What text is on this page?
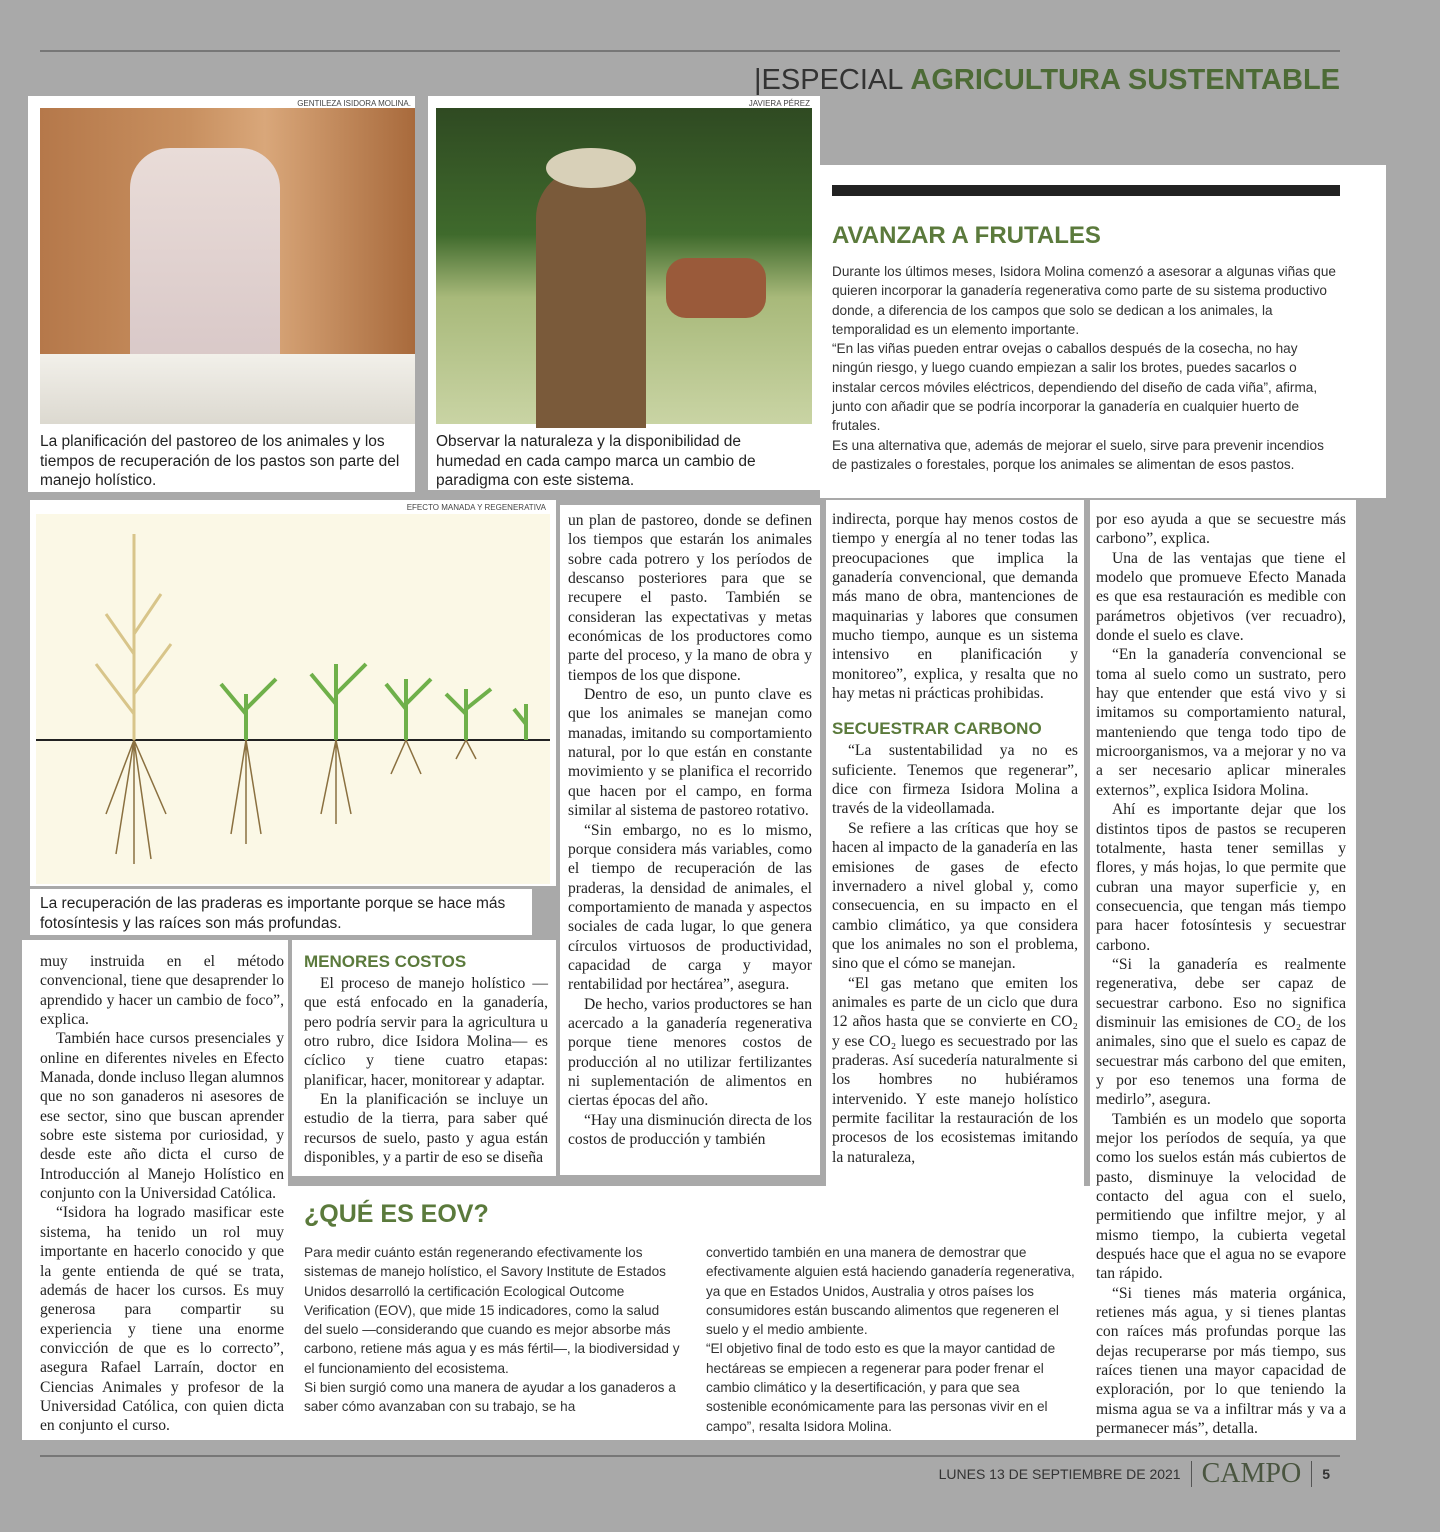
|ESPECIAL AGRICULTURA SUSTENTABLE
GENTILEZA ISIDORA MOLINA.
La planificación del pastoreo de los animales y los tiempos de recuperación de los pastos son parte del manejo holístico.
JAVIERA PÉREZ
Observar la naturaleza y la disponibilidad de humedad en cada campo marca un cambio de paradigma con este sistema.
AVANZAR A FRUTALES

Durante los últimos meses, Isidora Molina comenzó a asesorar a algunas viñas que quieren incorporar la ganadería regenerativa como parte de su sistema productivo donde, a diferencia de los campos que solo se dedican a los animales, la temporalidad es un elemento importante.

“En las viñas pueden entrar ovejas o caballos después de la cosecha, no hay ningún riesgo, y luego cuando empiezan a salir los brotes, puedes sacarlos o instalar cercos móviles eléctricos, dependiendo del diseño de cada viña”, afirma, junto con añadir que se podría incorporar la ganadería en cualquier huerto de frutales.

Es una alternativa que, además de mejorar el suelo, sirve para prevenir incendios de pastizales o forestales, porque los animales se alimentan de esos pastos.

EFECTO MANADA Y REGENERATIVA
La recuperación de las praderas es importante porque se hace más fotosíntesis y las raíces son más profundas.

muy instruida en el método convencional, tiene que desaprender lo aprendido y hacer un cambio de foco”, explica.

También hace cursos presenciales y online en diferentes niveles en Efecto Manada, donde incluso llegan alumnos que no son ganaderos ni asesores de ese sector, sino que buscan aprender sobre este sistema por curiosidad, y desde este año dicta el curso de Introducción al Manejo Holístico en conjunto con la Universidad Católica.

“Isidora ha logrado masificar este sistema, ha tenido un rol muy importante en hacerlo conocido y que la gente entienda de qué se trata, además de hacer los cursos. Es muy generosa para compartir su experiencia y tiene una enorme convicción de que es lo correcto”, asegura Rafael Larraín, doctor en Ciencias Animales y profesor de la Universidad Católica, con quien dicta en conjunto el curso.

MENORES COSTOS

El proceso de manejo holístico —que está enfocado en la ganadería, pero podría servir para la agricultura u otro rubro, dice Isidora Molina— es cíclico y tiene cuatro etapas: planificar, hacer, monitorear y adaptar.

En la planificación se incluye un estudio de la tierra, para saber qué recursos de suelo, pasto y agua están disponibles, y a partir de eso se diseña

un plan de pastoreo, donde se definen los tiempos que estarán los animales sobre cada potrero y los períodos de descanso posteriores para que se recupere el pasto. También se consideran las expectativas y metas económicas de los productores como parte del proceso, y la mano de obra y tiempos de los que dispone.

Dentro de eso, un punto clave es que los animales se manejan como manadas, imitando su comportamiento natural, por lo que están en constante movimiento y se planifica el recorrido que hacen por el campo, en forma similar al sistema de pastoreo rotativo.

“Sin embargo, no es lo mismo, porque considera más variables, como el tiempo de recuperación de las praderas, la densidad de animales, el comportamiento de manada y aspectos sociales de cada lugar, lo que genera círculos virtuosos de productividad, capacidad de carga y mayor rentabilidad por hectárea”, asegura.

De hecho, varios productores se han acercado a la ganadería regenerativa porque tiene menores costos de producción al no utilizar fertilizantes ni suplementación de alimentos en ciertas épocas del año.

“Hay una disminución directa de los costos de producción y también

indirecta, porque hay menos costos de tiempo y energía al no tener todas las preocupaciones que implica la ganadería convencional, que demanda más mano de obra, mantenciones de maquinarias y labores que consumen mucho tiempo, aunque es un sistema intensivo en planificación y monitoreo”, explica, y resalta que no hay metas ni prácticas prohibidas.

SECUESTRAR CARBONO

“La sustentabilidad ya no es suficiente. Tenemos que regenerar”, dice con firmeza Isidora Molina a través de la videollamada.

Se refiere a las críticas que hoy se hacen al impacto de la ganadería en las emisiones de gases de efecto invernadero a nivel global y, como consecuencia, en su impacto en el cambio climático, ya que considera que los animales no son el problema, sino que el cómo se manejan.

“El gas metano que emiten los animales es parte de un ciclo que dura 12 años hasta que se convierte en CO₂ y ese CO₂ luego es secuestrado por las praderas. Así sucedería naturalmente si los hombres no hubiéramos intervenido. Y este manejo holístico permite facilitar la restauración de los procesos de los ecosistemas imitando la naturaleza,

por eso ayuda a que se secuestre más carbono”, explica.

Una de las ventajas que tiene el modelo que promueve Efecto Manada es que esa restauración es medible con parámetros objetivos (ver recuadro), donde el suelo es clave.

“En la ganadería convencional se toma al suelo como un sustrato, pero hay que entender que está vivo y si imitamos su comportamiento natural, manteniendo que tenga todo tipo de microorganismos, va a mejorar y no va a ser necesario aplicar minerales externos”, explica Isidora Molina.

Ahí es importante dejar que los distintos tipos de pastos se recuperen totalmente, hasta tener semillas y flores, y más hojas, lo que permite que cubran una mayor superficie y, en consecuencia, que tengan más tiempo para hacer fotosíntesis y secuestrar carbono.

“Si la ganadería es realmente regenerativa, debe ser capaz de secuestrar carbono. Eso no significa disminuir las emisiones de CO₂ de los animales, sino que el suelo es capaz de secuestrar más carbono del que emiten, y por eso tenemos una forma de medirlo”, asegura.

También es un modelo que soporta mejor los períodos de sequía, ya que como los suelos están más cubiertos de pasto, disminuye la velocidad de contacto del agua con el suelo, permitiendo que infiltre mejor, y al mismo tiempo, la cubierta vegetal después hace que el agua no se evapore tan rápido.

“Si tienes más materia orgánica, retienes más agua, y si tienes plantas con raíces más profundas porque las dejas recuperarse por más tiempo, sus raíces tienen una mayor capacidad de exploración, por lo que teniendo la misma agua se va a infiltrar más y va a permanecer más”, detalla.

¿QUÉ ES EOV?

Para medir cuánto están regenerando efectivamente los sistemas de manejo holístico, el Savory Institute de Estados Unidos desarrolló la certificación Ecological Outcome Verification (EOV), que mide 15 indicadores, como la salud del suelo —considerando que cuando es mejor absorbe más carbono, retiene más agua y es más fértil—, la biodiversidad y el funcionamiento del ecosistema.

Si bien surgió como una manera de ayudar a los ganaderos a saber cómo avanzaban con su trabajo, se ha

convertido también en una manera de demostrar que efectivamente alguien está haciendo ganadería regenerativa, ya que en Estados Unidos, Australia y otros países los consumidores están buscando alimentos que regeneren el suelo y el medio ambiente.

“El objetivo final de todo esto es que la mayor cantidad de hectáreas se empiecen a regenerar para poder frenar el cambio climático y la desertificación, y para que sea sostenible económicamente para las personas vivir en el campo”, resalta Isidora Molina.

LUNES 13 DE SEPTIEMBRE DE 2021 CAMPO 5
